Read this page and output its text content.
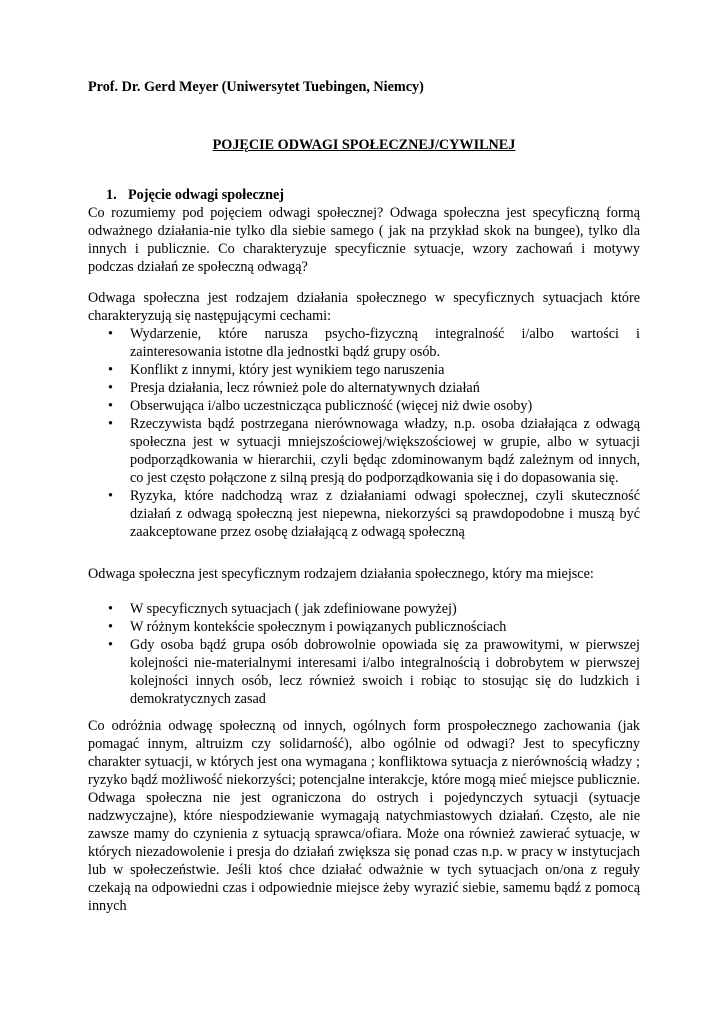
Prof. Dr. Gerd Meyer (Uniwersytet Tuebingen, Niemcy)

POJĘCIE ODWAGI SPOŁECZNEJ/CYWILNEJ

1. Pojęcie odwagi społecznej

Co rozumiemy pod pojęciem odwagi społecznej? Odwaga społeczna jest specyficzną formą odważnego działania-nie tylko dla siebie samego ( jak na przykład skok na bungee), tylko dla innych i publicznie. Co charakteryzuje specyficznie sytuacje, wzory zachowań i motywy podczas działań ze społeczną odwagą?

Odwaga społeczna jest rodzajem działania społecznego w specyficznych sytuacjach które charakteryzują się następującymi cechami:

• Wydarzenie, które narusza psycho-fizyczną integralność i/albo wartości i zainteresowania istotne dla jednostki bądź grupy osób.
• Konflikt z innymi, który jest wynikiem tego naruszenia
• Presja działania, lecz również pole do alternatywnych działań
• Obserwująca i/albo uczestnicząca publiczność (więcej niż dwie osoby)
• Rzeczywista bądź postrzegana nierównowaga władzy, n.p. osoba działająca z odwagą społeczna jest w sytuacji mniejszościowej/większościowej w grupie, albo w sytuacji podporządkowania w hierarchii, czyli będąc zdominowanym bądź zależnym od innych, co jest często połączone z silną presją do podporządkowania się i do dopasowania się.
• Ryzyka, które nadchodzą wraz z działaniami odwagi społecznej, czyli skuteczność działań z odwagą społeczną jest niepewna, niekorzyści są prawdopodobne i muszą być zaakceptowane przez osobę działającą z odwagą społeczną

Odwaga społeczna jest specyficznym rodzajem działania społecznego, który ma miejsce:

• W specyficznych sytuacjach ( jak zdefiniowane powyżej)
• W różnym kontekście społecznym i powiązanych publicznościach
• Gdy osoba bądź grupa osób dobrowolnie opowiada się za prawowitymi, w pierwszej kolejności nie-materialnymi interesami i/albo integralnością i dobrobytem w pierwszej kolejności innych osób, lecz również swoich i robiąc to stosując się do ludzkich i demokratycznych zasad

Co odróżnia odwagę społeczną od innych, ogólnych form prospołecznego zachowania (jak pomagać innym, altruizm czy solidarność), albo ogólnie od odwagi? Jest to specyficzny charakter sytuacji, w których jest ona wymagana ; konfliktowa sytuacja z nierównością władzy ; ryzyko bądź możliwość niekorzyści; potencjalne interakcje, które mogą mieć miejsce publicznie. Odwaga społeczna nie jest ograniczona do ostrych i pojedynczych sytuacji (sytuacje nadzwyczajne), które niespodziewanie wymagają natychmiastowych działań. Często, ale nie zawsze mamy do czynienia z sytuacją sprawca/ofiara. Może ona również zawierać sytuacje, w których niezadowolenie i presja do działań zwiększa się ponad czas n.p. w pracy w instytucjach lub w społeczeństwie. Jeśli ktoś chce działać odważnie w tych sytuacjach on/ona z reguły czekają na odpowiedni czas i odpowiednie miejsce żeby wyrazić siebie, samemu bądź z pomocą innych
